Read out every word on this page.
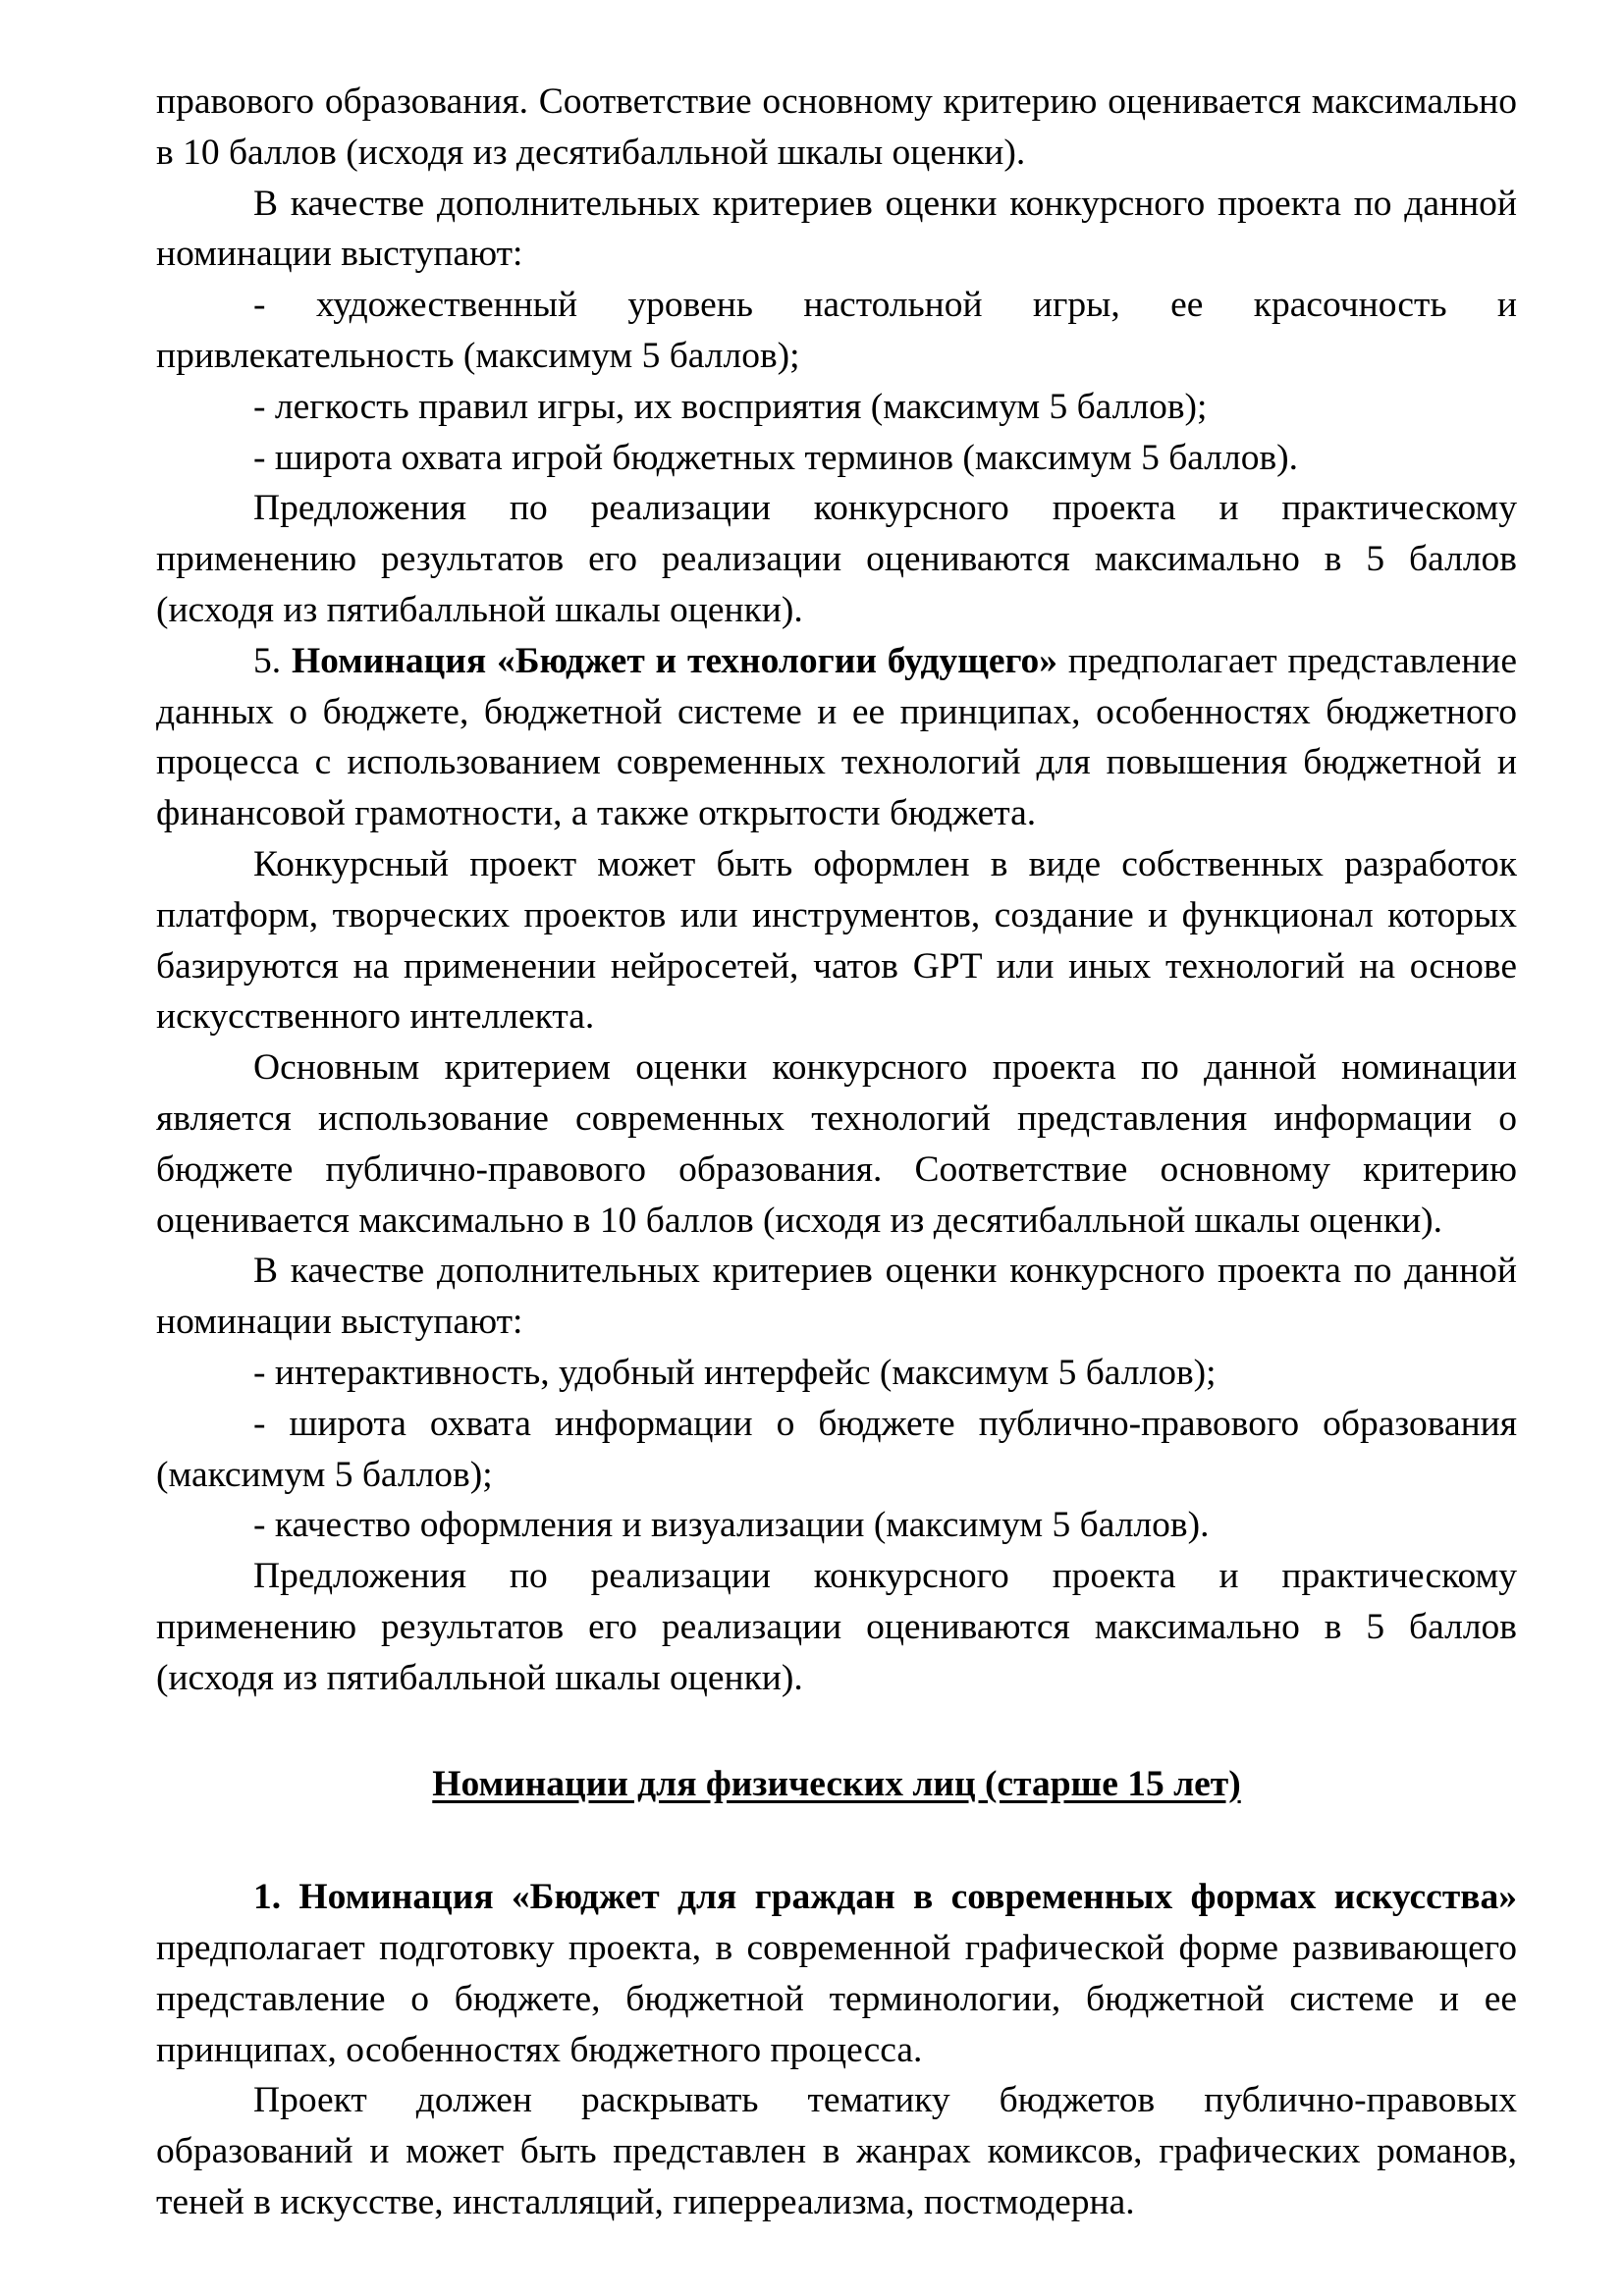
правового образования. Соответствие основному критерию оценивается максимально в 10 баллов (исходя из десятибалльной шкалы оценки).

В качестве дополнительных критериев оценки конкурсного проекта по данной номинации выступают:

- художественный уровень настольной игры, ее красочность и привлекательность (максимум 5 баллов);

- легкость правил игры, их восприятия (максимум 5 баллов);

- широта охвата игрой бюджетных терминов (максимум 5 баллов).

Предложения по реализации конкурсного проекта и практическому применению результатов его реализации оцениваются максимально в 5 баллов (исходя из пятибалльной шкалы оценки).

5. Номинация «Бюджет и технологии будущего» предполагает представление данных о бюджете, бюджетной системе и ее принципах, особенностях бюджетного процесса с использованием современных технологий для повышения бюджетной и финансовой грамотности, а также открытости бюджета.

Конкурсный проект может быть оформлен в виде собственных разработок платформ, творческих проектов или инструментов, создание и функционал которых базируются на применении нейросетей, чатов GPT или иных технологий на основе искусственного интеллекта.

Основным критерием оценки конкурсного проекта по данной номинации является использование современных технологий представления информации о бюджете публично-правового образования. Соответствие основному критерию оценивается максимально в 10 баллов (исходя из десятибалльной шкалы оценки).

В качестве дополнительных критериев оценки конкурсного проекта по данной номинации выступают:

- интерактивность, удобный интерфейс (максимум 5 баллов);

- широта охвата информации о бюджете публично-правового образования (максимум 5 баллов);

- качество оформления и визуализации (максимум 5 баллов).

Предложения по реализации конкурсного проекта и практическому применению результатов его реализации оцениваются максимально в 5 баллов (исходя из пятибалльной шкалы оценки).

Номинации для физических лиц (старше 15 лет)

1. Номинация «Бюджет для граждан в современных формах искусства» предполагает подготовку проекта, в современной графической форме развивающего представление о бюджете, бюджетной терминологии, бюджетной системе и ее принципах, особенностях бюджетного процесса.

Проект должен раскрывать тематику бюджетов публично-правовых образований и может быть представлен в жанрах комиксов, графических романов, теней в искусстве, инсталляций, гиперреализма, постмодерна.
